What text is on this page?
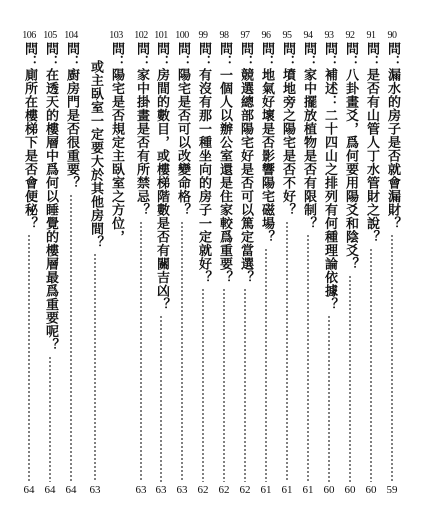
106
問：
廁所在樓梯下是否會便秘？
105
問：
在透天的樓層中爲何以睡覺的樓層最爲重要呢？
104
問：
廚房門是否很重要？ 或主臥室一定要大於其他房間？
103
問：
陽宅是否規定主臥室之方位，
102
問：
家中掛畫是否有所禁忌？
101
問：
房間的數目，或樓梯階數是否有關吉凶？
100
問：
陽宅是否可以改變命格？
99
問：
有沒有那一種坐向的房子一定就好？
98
問：
一個人以辦公室還是住家較爲重要？
97
問：
競選總部陽宅好是否可以篤定當選？
96
問：
地氣好壞是否影響陽宅磁場？
95
問：
墳地旁之陽宅是否不好？
94
問：
家中擺放植物是否有限制？
93
問：
補述：二十四山之排列有何種理論依據？
92
問：
八卦畫爻，爲何要用陽爻和陰爻？
91
問：
是否有山管人丁水管財之說？
90
問：
漏水的房子是否就會漏財？
64 64 64	63	63 63 63 62 62 62 61 61 61 60 60 60 59
